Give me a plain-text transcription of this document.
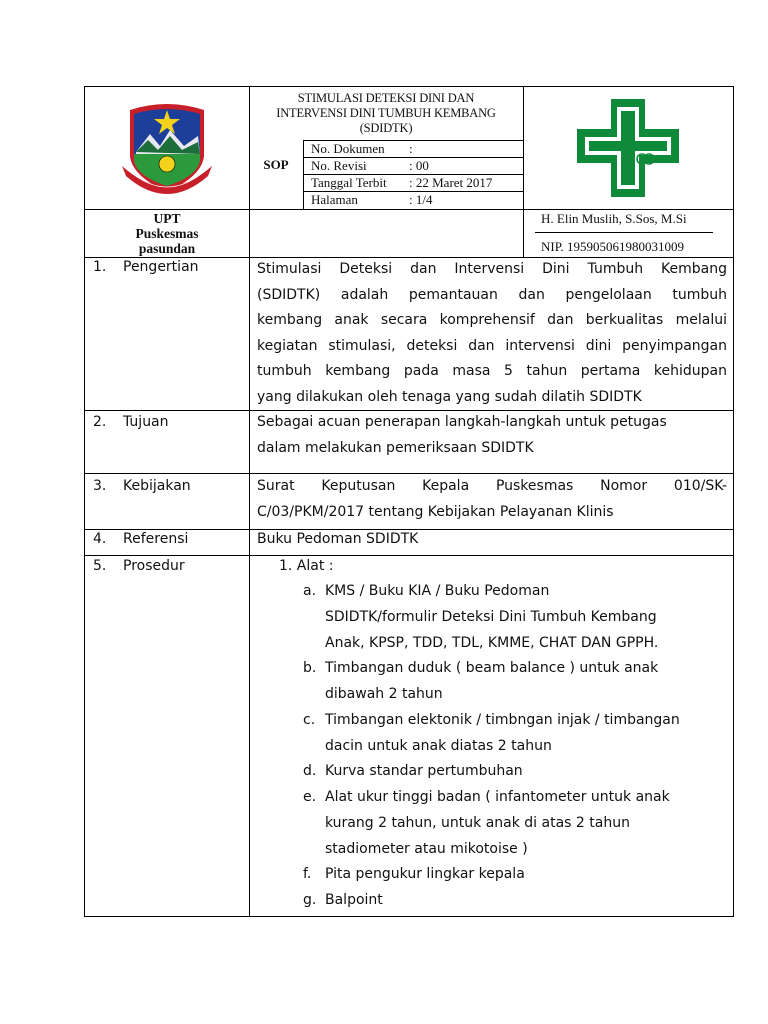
STIMULASI DETEKSI DINI DAN
INTERVENSI DINI TUMBUH KEMBANG
(SDIDTK)
SOP
No. Dokumen :
No. Revisi	: 00
Tanggal Terbit : 22 Maret 2017
Halaman	: 1/4
UPT
Puskesmas
pasundan
H. Elin Muslih, S.Sos, M.Si
NIP. 195905061980031009
1. Pengertian	Stimulasi Deteksi dan Intervensi Dini Tumbuh Kembang
(SDIDTK) adalah pemantauan dan pengelolaan tumbuh
kembang anak secara komprehensif dan berkualitas melalui
kegiatan stimulasi, deteksi dan intervensi dini penyimpangan
tumbuh kembang pada masa 5 tahun pertama kehidupan
yang dilakukan oleh tenaga yang sudah dilatih SDIDTK
2. Tujuan	Sebagai acuan penerapan langkah-langkah untuk petugas
dalam melakukan pemeriksaan SDIDTK
3. Kebijakan	Surat Keputusan Kepala Puskesmas Nomor 010/SK-
C/03/PKM/2017 tentang Kebijakan Pelayanan Klinis
4. Referensi	Buku Pedoman SDIDTK
5. Prosedur	1. Alat :
a. KMS / Buku KIA / Buku Pedoman
SDIDTK/formulir Deteksi Dini Tumbuh Kembang
Anak, KPSP, TDD, TDL, KMME, CHAT DAN GPPH.
b. Timbangan duduk ( beam balance ) untuk anak
dibawah 2 tahun
c. Timbangan elektonik / timbngan injak / timbangan
dacin untuk anak diatas 2 tahun
d. Kurva standar pertumbuhan
e. Alat ukur tinggi badan ( infantometer untuk anak
kurang 2 tahun, untuk anak di atas 2 tahun
stadiometer atau mikotoise )
f. Pita pengukur lingkar kepala
g. Balpoint
